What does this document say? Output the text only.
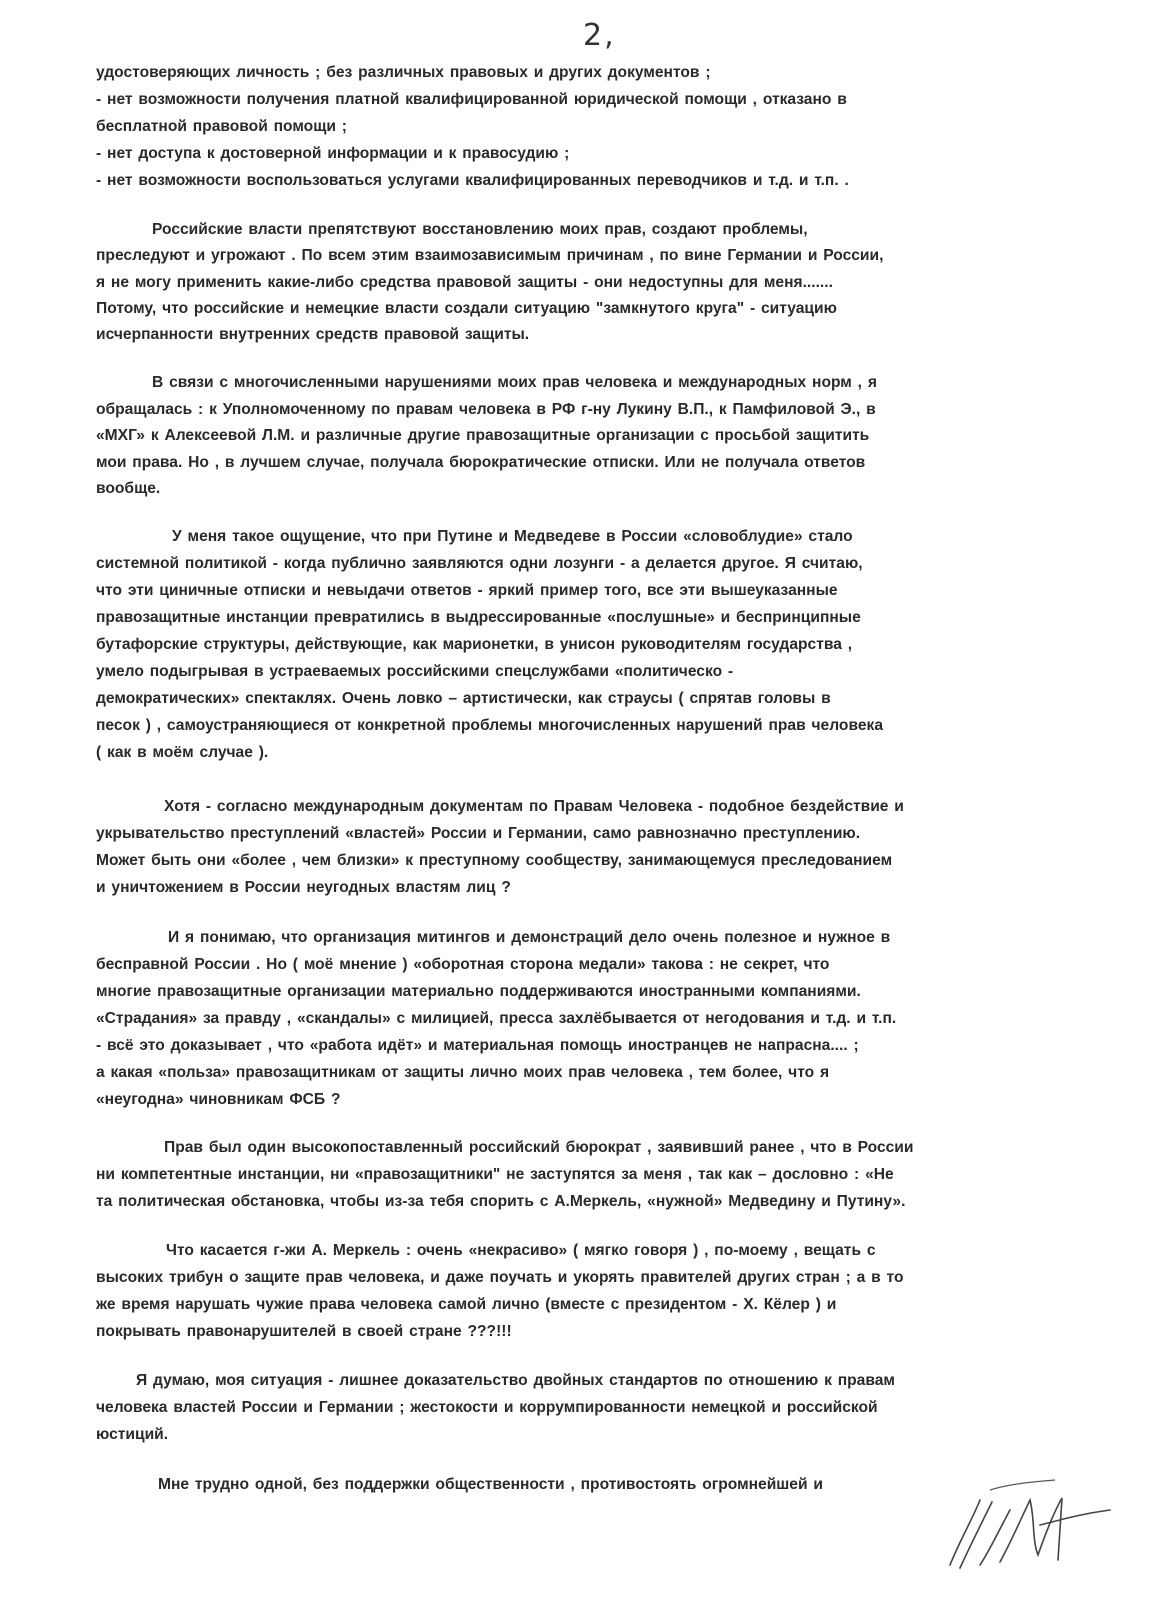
2,
удостоверяющих личность ; без различных правовых и других документов ;
- нет возможности получения платной квалифицированной юридической помощи , отказано в
бесплатной правовой помощи ;
- нет доступа к достоверной информации и к правосудию ;
- нет возможности воспользоваться услугами квалифицированных переводчиков и т.д. и т.п. .
Российские власти препятствуют восстановлению моих прав, создают проблемы,
преследуют и угрожают . По всем этим взаимозависимым причинам , по вине Германии и России,
я не могу применить какие-либо средства правовой защиты - они недоступны для меня.......
Потому, что российские и немецкие власти создали ситуацию "замкнутого круга" - ситуацию
исчерпанности внутренних средств правовой защиты.
В связи с многочисленными нарушениями моих прав человека и международных норм , я
обращалась : к Уполномоченному по правам человека в РФ г-ну Лукину В.П., к Памфиловой Э., в
«МХГ» к Алексеевой Л.М. и различные другие правозащитные организации с просьбой защитить
мои права. Но , в лучшем случае, получала бюрократические отписки. Или не получала ответов
вообще.
У меня такое ощущение, что при Путине и Медведеве в России «словоблудие» стало
системной политикой - когда публично заявляются одни лозунги - а делается другое. Я считаю,
что эти циничные отписки и невыдачи ответов - яркий пример того, все эти вышеуказанные
правозащитные инстанции превратились в выдрессированные «послушные» и беспринципные
бутафорские структуры, действующие, как марионетки, в унисон руководителям государства ,
умело подыгрывая в устраеваемых российскими спецслужбами «политическо -
демократических» спектаклях. Очень ловко – артистически, как страусы ( спрятав головы в
песок ) , самоустраняющиеся от конкретной проблемы многочисленных нарушений прав человека
( как в моём случае ).
Хотя - согласно международным документам по Правам Человека - подобное бездействие и
укрывательство преступлений «властей» России и Германии, само равнозначно преступлению.
Может быть они «более , чем близки» к преступному сообществу, занимающемуся преследованием
и уничтожением в России неугодных властям лиц ?
И я понимаю, что организация митингов и демонстраций дело очень полезное и нужное в
бесправной России . Но ( моё мнение ) «оборотная сторона медали» такова : не секрет, что
многие правозащитные организации материально поддерживаются иностранными компаниями.
«Страдания» за правду , «скандалы» с милицией, пресса захлёбывается от негодования и т.д. и т.п.
- всё это доказывает , что «работа идёт» и материальная помощь иностранцев не напрасна.... ;
а какая «польза» правозащитникам от защиты лично моих прав человека , тем более, что я
«неугодна» чиновникам ФСБ ?
Прав был один высокопоставленный российский бюрократ , заявивший ранее , что в России
ни компетентные инстанции, ни «правозащитники" не заступятся за меня , так как – дословно : «Не
та политическая обстановка, чтобы из-за тебя спорить с А.Меркель, «нужной» Медведину и Путину».
Что касается г-жи А. Меркель : очень «некрасиво» ( мягко говоря ) , по-моему , вещать с
высоких трибун о защите прав человека, и даже поучать и укорять правителей других стран ; а в то
же время нарушать чужие права человека самой лично (вместе с президентом - Х. Кёлер ) и
покрывать правонарушителей в своей стране ???!!!
Я думаю, моя ситуация - лишнее доказательство двойных стандартов по отношению к правам
человека властей России и Германии ; жестокости и коррумпированности немецкой и российской
юстиций.
Мне трудно одной, без поддержки общественности , противостоять огромнейшей и
